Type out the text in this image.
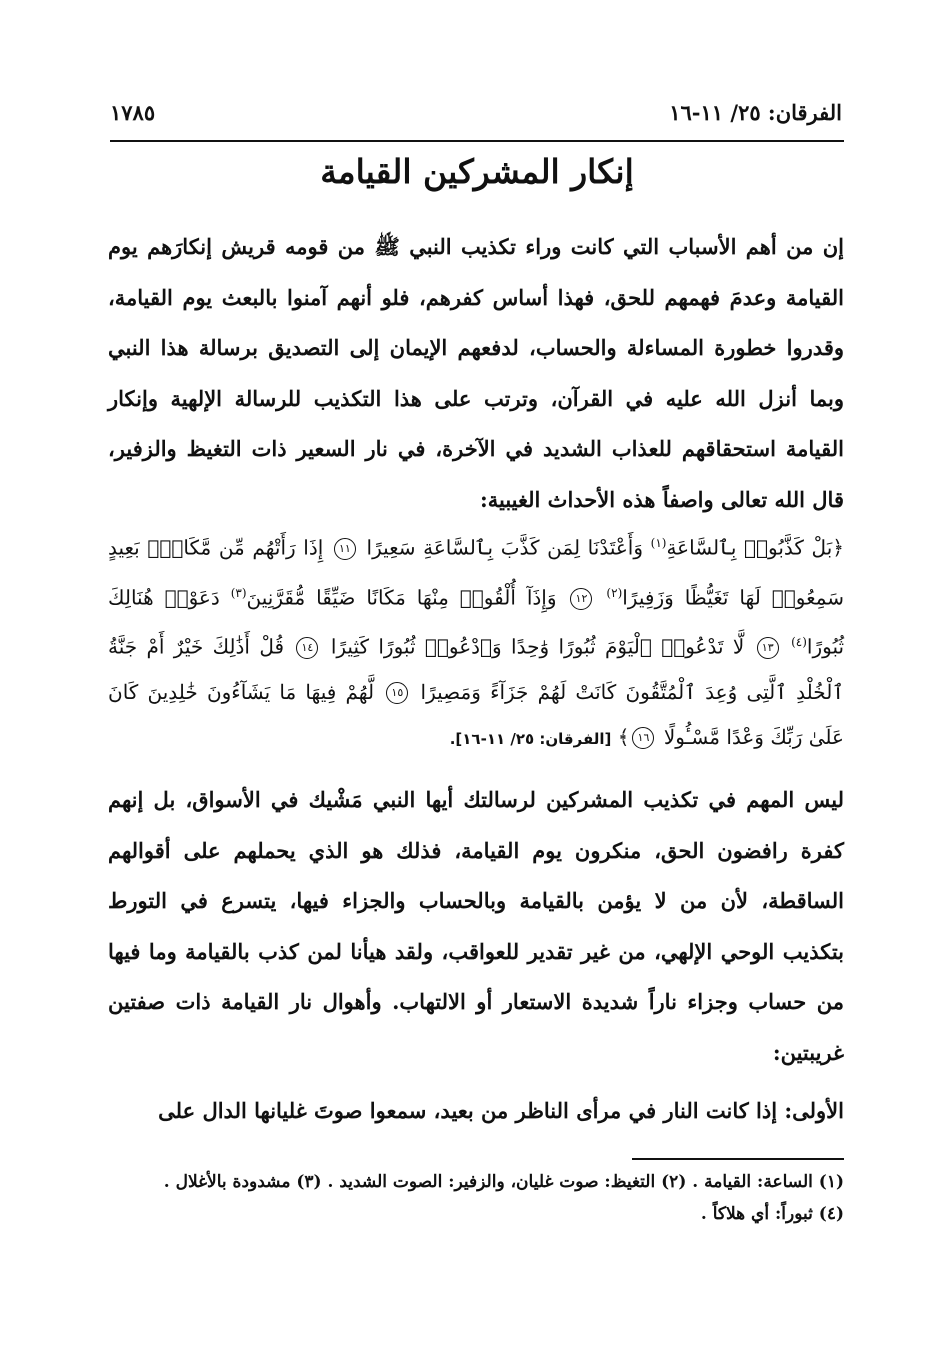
الفرقان: ٢٥/ ١١-١٦
١٧٨٥
إنكار المشركين القيامة

إن من أهم الأسباب التي كانت وراء تكذيب النبي ﷺ من قومه قريش إنكارَهم يوم القيامة وعدمَ فهمهم للحق، فهذا أساس كفرهم، فلو أنهم آمنوا بالبعث يوم القيامة، وقدروا خطورة المساءلة والحساب، لدفعهم الإيمان إلى التصديق برسالة هذا النبي وبما أنزل الله عليه في القرآن، وترتب على هذا التكذيب للرسالة الإلهية وإنكار القيامة استحقاقهم للعذاب الشديد في الآخرة، في نار السعير ذات التغيظ والزفير، قال الله تعالى واصفاً هذه الأحداث الغيبية:

﴿بَلْ كَذَّبُوا۟ بِٱلسَّاعَةِ$^{(١)}$ وَأَعْتَدْنَا لِمَن كَذَّبَ بِٱلسَّاعَةِ سَعِيرًا ١١ إِذَا رَأَتْهُم مِّن مَّكَانٍۭ بَعِيدٍ سَمِعُوا۟ لَهَا تَغَيُّظًا وَزَفِيرًا$^{(٢)}$ ١٢ وَإِذَآ أُلْقُوا۟ مِنْهَا مَكَانًا ضَيِّقًا مُّقَرَّنِينَ$^{(٣)}$ دَعَوْا۟ هُنَالِكَ ثُبُورًا$^{(٤)}$ ١٣ لَّا تَدْعُوا۟ ٱلْيَوْمَ ثُبُورًا وَٰحِدًا وَٱدْعُوا۟ ثُبُورًا كَثِيرًا ١٤ قُلْ أَذَٰلِكَ خَيْرٌ أَمْ جَنَّةُ ٱلْخُلْدِ ٱلَّتِى وُعِدَ ٱلْمُتَّقُونَ كَانَتْ لَهُمْ جَزَآءً وَمَصِيرًا ١٥ لَّهُمْ فِيهَا مَا يَشَآءُونَ خَٰلِدِينَ كَانَ عَلَىٰ رَبِّكَ وَعْدًا مَّسْـُٔولًا ١٦﴾ [الفرقان: ٢٥/ ١١-١٦].

ليس المهم في تكذيب المشركين لرسالتك أيها النبي مَشْيك في الأسواق، بل إنهم كفرة رافضون الحق، منكرون يوم القيامة، فذلك هو الذي يحملهم على أقوالهم الساقطة، لأن من لا يؤمن بالقيامة وبالحساب والجزاء فيها، يتسرع في التورط بتكذيب الوحي الإلهي، من غير تقدير للعواقب، ولقد هيأنا لمن كذب بالقيامة وما فيها من حساب وجزاء ناراً شديدة الاستعار أو الالتهاب. وأهوال نار القيامة ذات صفتين غريبتين:

الأولى: إذا كانت النار في مرأى الناظر من بعيد، سمعوا صوتَ غليانها الدال على

(١) الساعة: القيامة . (٢) التغيظ: صوت غليان، والزفير: الصوت الشديد . (٣) مشدودة بالأغلال .
(٤) ثبوراً: أي هلاكاً .
